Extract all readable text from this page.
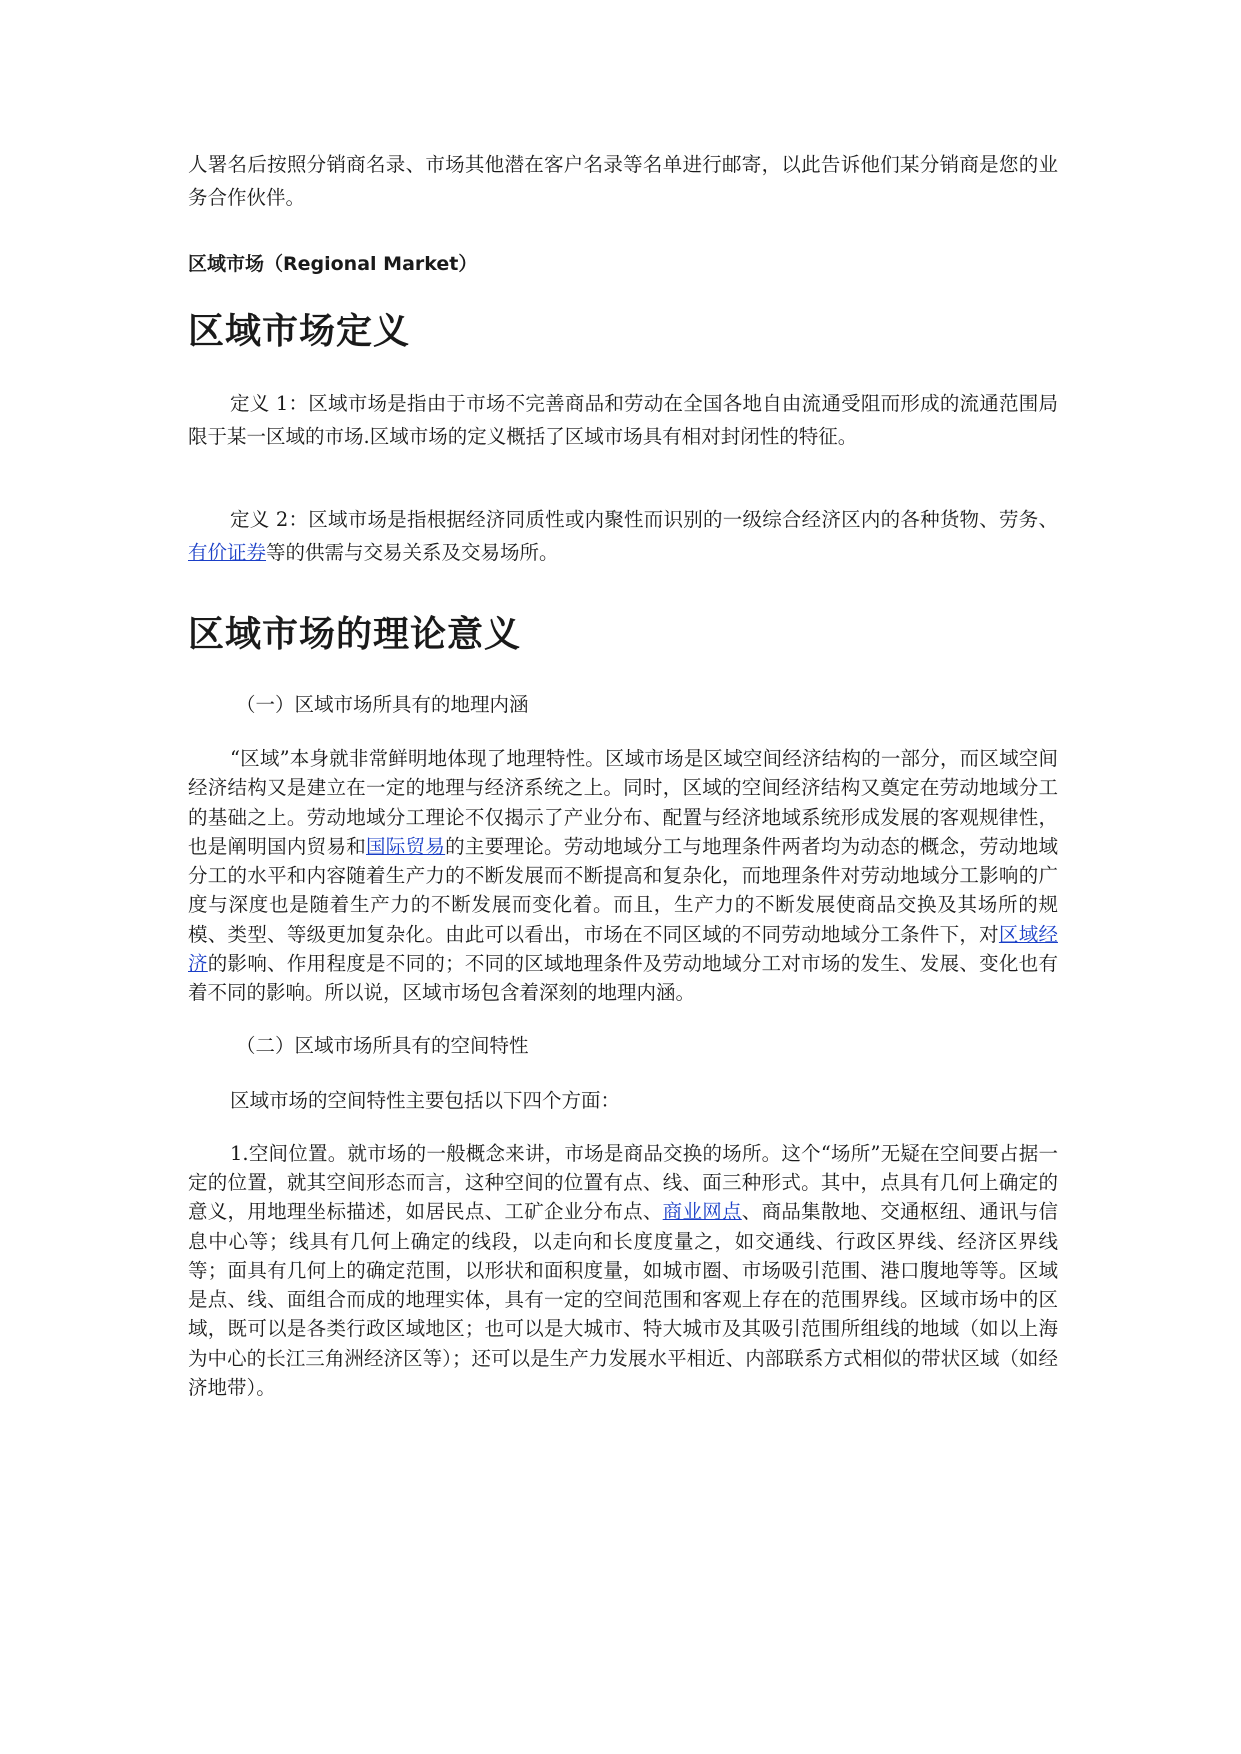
人署名后按照分销商名录、市场其他潜在客户名录等名单进行邮寄，以此告诉他们某分销商是您的业务合作伙伴。

区域市场（Regional Market）

区域市场定义

定义 1：区域市场是指由于市场不完善商品和劳动在全国各地自由流通受阻而形成的流通范围局限于某一区域的市场.区域市场的定义概括了区域市场具有相对封闭性的特征。

定义 2：区域市场是指根据经济同质性或内聚性而识别的一级综合经济区内的各种货物、劳务、有价证券等的供需与交易关系及交易场所。

区域市场的理论意义

（一）区域市场所具有的地理内涵

“区域”本身就非常鲜明地体现了地理特性。区域市场是区域空间经济结构的一部分，而区域空间经济结构又是建立在一定的地理与经济系统之上。同时，区域的空间经济结构又奠定在劳动地域分工的基础之上。劳动地域分工理论不仅揭示了产业分布、配置与经济地域系统形成发展的客观规律性，也是阐明国内贸易和国际贸易的主要理论。劳动地域分工与地理条件两者均为动态的概念，劳动地域分工的水平和内容随着生产力的不断发展而不断提高和复杂化，而地理条件对劳动地域分工影响的广度与深度也是随着生产力的不断发展而变化着。而且，生产力的不断发展使商品交换及其场所的规模、类型、等级更加复杂化。由此可以看出，市场在不同区域的不同劳动地域分工条件下，对区域经济的影响、作用程度是不同的；不同的区域地理条件及劳动地域分工对市场的发生、发展、变化也有着不同的影响。所以说，区域市场包含着深刻的地理内涵。

（二）区域市场所具有的空间特性

区域市场的空间特性主要包括以下四个方面：

1.空间位置。就市场的一般概念来讲，市场是商品交换的场所。这个“场所”无疑在空间要占据一定的位置，就其空间形态而言，这种空间的位置有点、线、面三种形式。其中，点具有几何上确定的意义，用地理坐标描述，如居民点、工矿企业分布点、商业网点、商品集散地、交通枢纽、通讯与信息中心等；线具有几何上确定的线段，以走向和长度度量之，如交通线、行政区界线、经济区界线等；面具有几何上的确定范围，以形状和面积度量，如城市圈、市场吸引范围、港口腹地等等。区域是点、线、面组合而成的地理实体，具有一定的空间范围和客观上存在的范围界线。区域市场中的区域，既可以是各类行政区域地区；也可以是大城市、特大城市及其吸引范围所组线的地域（如以上海为中心的长江三角洲经济区等）；还可以是生产力发展水平相近、内部联系方式相似的带状区域（如经济地带）。
